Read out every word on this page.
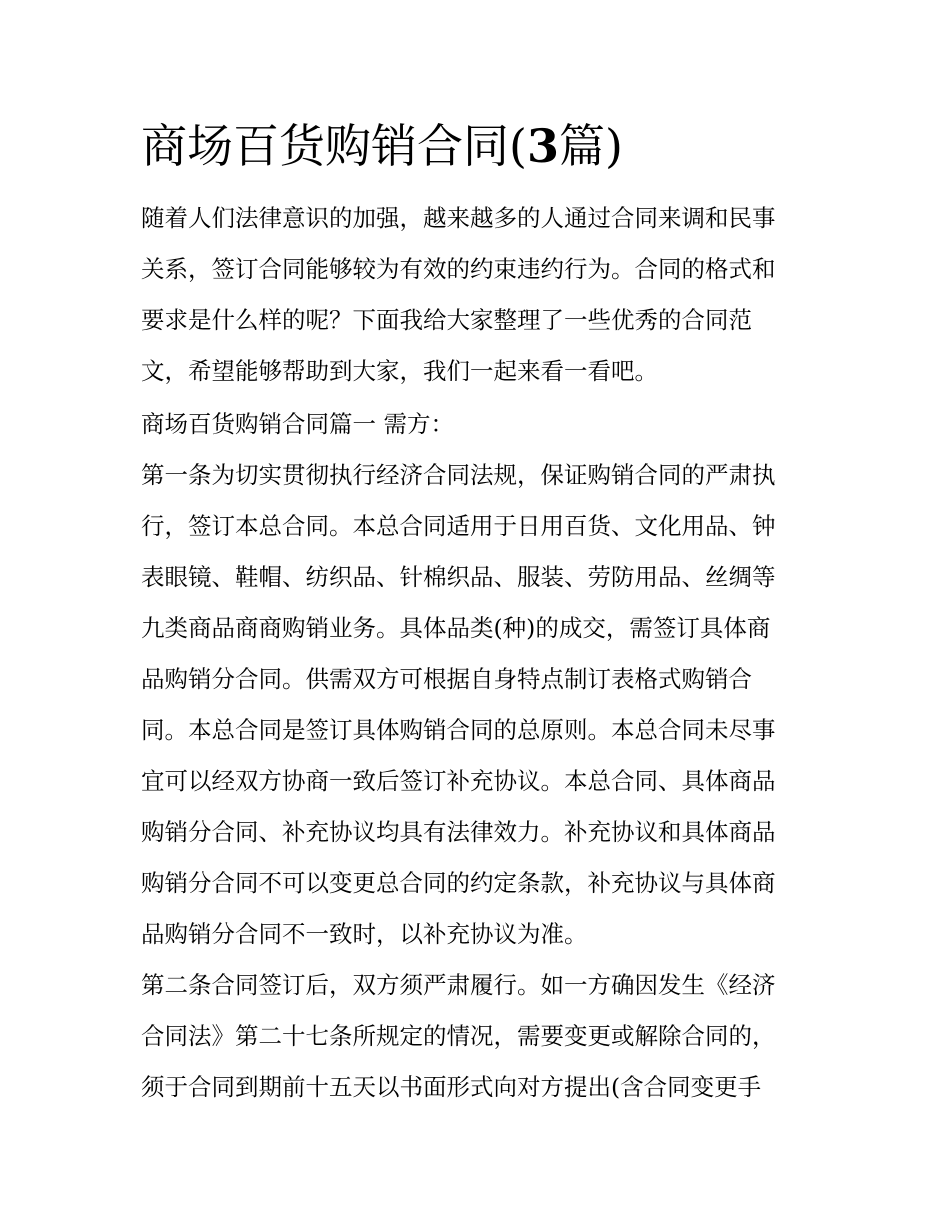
商场百货购销合同(3篇)

随着人们法律意识的加强，越来越多的人通过合同来调和民事

关系，签订合同能够较为有效的约束违约行为。合同的格式和

要求是什么样的呢？下面我给大家整理了一些优秀的合同范

文，希望能够帮助到大家，我们一起来看一看吧。

商场百货购销合同篇一 需方：

第一条为切实贯彻执行经济合同法规，保证购销合同的严肃执

行，签订本总合同。本总合同适用于日用百货、文化用品、钟

表眼镜、鞋帽、纺织品、针棉织品、服装、劳防用品、丝绸等

九类商品商商购销业务。具体品类(种)的成交，需签订具体商

品购销分合同。供需双方可根据自身特点制订表格式购销合

同。本总合同是签订具体购销合同的总原则。本总合同未尽事

宜可以经双方协商一致后签订补充协议。本总合同、具体商品

购销分合同、补充协议均具有法律效力。补充协议和具体商品

购销分合同不可以变更总合同的约定条款，补充协议与具体商

品购销分合同不一致时，以补充协议为准。

第二条合同签订后，双方须严肃履行。如一方确因发生《经济

合同法》第二十七条所规定的情况，需要变更或解除合同的，

须于合同到期前十五天以书面形式向对方提出(含合同变更手
